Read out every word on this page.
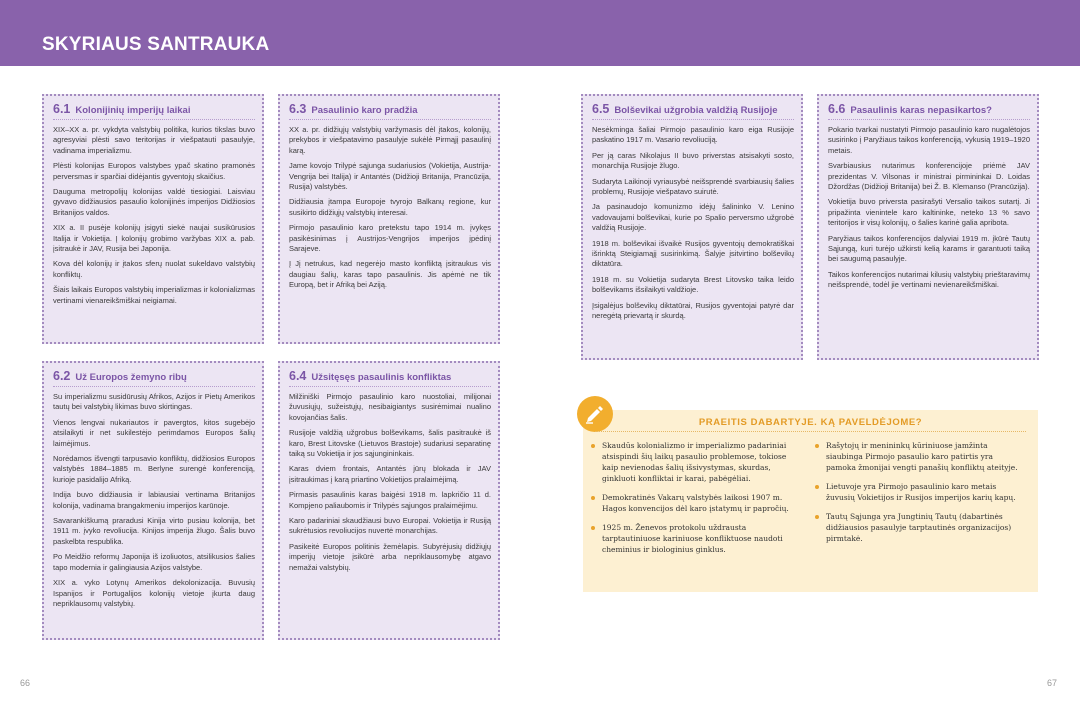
SKYRIAUS SANTRAUKA
6.1 Kolonijinių imperijų laikai

XIX–XX a. pr. vykdyta valstybių politika, kurios tikslas buvo agresyviai plėsti savo teritorijas ir viešpatauti pasaulyje, vadinama imperializmu.

Plėsti kolonijas Europos valstybes ypač skatino pramonės perversmas ir sparčiai didėjantis gyventojų skaičius.

Dauguma metropolijų kolonijas valdė tiesiogiai. Laisviau gyvavo didžiausios pasaulio kolonijinės imperijos Didžiosios Britanijos valdos.

XIX a. II pusėje kolonijų įsigyti siekė naujai susikūrusios Italija ir Vokietija. Į kolonijų grobimo varžybas XIX a. pab. įsitraukė ir JAV, Rusija bei Japonija.

Kova dėl kolonijų ir įtakos sferų nuolat sukeldavo valstybių konfliktų.

Šiais laikais Europos valstybių imperializmas ir kolonializmas vertinami vienareikšmiškai neigiamai.

6.2 Už Europos žemyno ribų

Su imperializmu susidūrusių Afrikos, Azijos ir Pietų Amerikos tautų bei valstybių likimas buvo skirtingas.

Vienos lengvai nukariautos ir pavergtos, kitos sugebėjo atsilaikyti ir net sukilestėjo perimdamos Europos šalių laimėjimus.

Norėdamos išvengti tarpusavio konfliktų, didžiosios Europos valstybės 1884–1885 m. Berlyne surengė konferenciją, kurioje pasidalijo Afriką.

Indija buvo didžiausia ir labiausiai vertinama Britanijos kolonija, vadinama brangakmeniu imperijos karūnoje.

Savarankiškumą praradusi Kinija virto pusiau kolonija, bet 1911 m. įvyko revoliucija. Kinijos imperija žlugo. Šalis buvo paskelbta respublika.

Po Meidžio reformų Japonija iš izoliuotos, atsilikusios šalies tapo modernia ir galingiausia Azijos valstybe.

XIX a. vyko Lotynų Amerikos dekolonizacija. Buvusių Ispanijos ir Portugalijos kolonijų vietoje įkurta daug nepriklausomų valstybių.

6.3 Pasaulinio karo pradžia

XX a. pr. didžiųjų valstybių varžymasis dėl įtakos, kolonijų, prekybos ir viešpatavimo pasaulyje sukėlė Pirmąjį pasaulinį karą.

Jame kovojo Trilypė sąjunga sudariusios (Vokietija, Austrija-Vengrija bei Italija) ir Antantės (Didžioji Britanija, Prancūzija, Rusija) valstybės.

Didžiausia įtampa Europoje tvyrojo Balkanų regione, kur susikirto didžiųjų valstybių interesai.

Pirmojo pasaulinio karo pretekstu tapo 1914 m. įvykęs pasikėsinimas į Austrijos-Vengrijos imperijos įpėdinį Sarajeve.

Į Jį netrukus, kad negerėjo masto konfliktą įsitraukus vis daugiau šalių, karas tapo pasaulinis. Jis apėmė ne tik Europą, bet ir Afriką bei Aziją.

6.4 Užsitęsęs pasaulinis konfliktas

Milžiniški Pirmojo pasaulinio karo nuostoliai, milijonai žuvusiųjų, sužeistųjų, nesibaigiantys susirėmimai nualino kovojančias šalis.

Rusijoje valdžią užgrobus bolševikams, šalis pasitraukė iš karo, Brest Litovske (Lietuvos Brastoje) sudariusi separatinę taiką su Vokietija ir jos sąjungininkais.

Karas dviem frontais, Antantės jūrų blokada ir JAV įsitraukimas į karą priartino Vokietijos pralaimėjimą.

Pirmasis pasaulinis karas baigėsi 1918 m. lapkričio 11 d. Kompjeno paliaubomis ir Trilypės sąjungos pralaimėjimu.

Karo padariniai skaudžiausi buvo Europai. Vokietija ir Rusiją sukrėtusios revoliucijos nuvertė monarchijas.

Pasikeitė Europos politinis žemėlapis. Subyrėjusių didžiųjų imperijų vietoje įsikūrė arba nepriklausomybę atgavo nemažai valstybių.

6.5 Bolševikai užgrobia valdžią Rusijoje

Nesėkminga šaliai Pirmojo pasaulinio karo eiga Rusijoje paskatino 1917 m. Vasario revoliuciją.

Per ją caras Nikolajus II buvo priverstas atsisakyti sosto, monarchija Rusijoje žlugo.

Sudaryta Laikinoji vyriausybė neišsprendė svarbiausių šalies problemų, Rusijoje viešpatavo suirutė.

Ja pasinaudojo komunizmo idėjų šalininko V. Lenino vadovaujami bolševikai, kurie po Spalio perversmo užgrobė valdžią Rusijoje.

1918 m. bolševikai išvaikė Rusijos gyventojų demokratiškai išrinktą Steigiamąjį susirinkimą. Šalyje įsitvirtino bolševikų diktatūra.

1918 m. su Vokietija sudaryta Brest Litovsko taika leido bolševikams išsilaikyti valdžioje.

Įsigalėjus bolševikų diktatūrai, Rusijos gyventojai patyrė dar neregėtą prievartą ir skurdą.

6.6 Pasaulinis karas nepasikartos?

Pokario tvarkai nustatyti Pirmojo pasaulinio karo nugalėtojos susirinko į Paryžiaus taikos konferenciją, vykusią 1919–1920 metais.

Svarbiausius nutarimus konferencijoje priėmė JAV prezidentas V. Vilsonas ir ministrai pirmininkai D. Loidas Džordžas (Didžioji Britanija) bei Ž. B. Klemanso (Prancūzija).

Vokietija buvo priversta pasirašyti Versalio taikos sutartį. Ji pripažinta vienintele karo kaltininke, neteko 13 % savo teritorijos ir visų kolonijų, o šalies karinė galia apribota.

Paryžiaus taikos konferencijos dalyviai 1919 m. įkūrė Tautų Sąjungą, kuri turėjo užkirsti kelią karams ir garantuoti taiką bei saugumą pasaulyje.

Taikos konferencijos nutarimai kilusių valstybių prieštaravimų neišsprendė, todėl jie vertinami nevienareikšmiškai.

PRAEITIS DABARTYJE. KĄ PAVELDĖJOME?
Skaudūs kolonializmo ir imperializmo padariniai atsispindi šių laikų pasaulio problemose, tokiose kaip nevienodas šalių išsivystymas, skurdas, ginkluoti konfliktai ir karai, pabėgėliai.
Demokratinės Vakarų valstybės laikosi 1907 m. Hagos konvencijos dėl karo įstatymų ir papročių.
1925 m. Ženevos protokolu uždrausta tarptautiniuose kariniuose konfliktuose naudoti cheminius ir biologinius ginklus.
Rašytojų ir menininkų kūriniuose jamžinta siaubinga Pirmojo pasaulio karo patirtis yra pamoka žmonijai vengti panašių konfliktų ateityje.
Lietuvoje yra Pirmojo pasaulinio karo metais žuvusių Vokietijos ir Rusijos imperijos karių kapų.
Tautų Sąjunga yra Jungtinių Tautų (dabartinės didžiausios pasaulyje tarptautinės organizacijos) pirmtakė.
66	67
